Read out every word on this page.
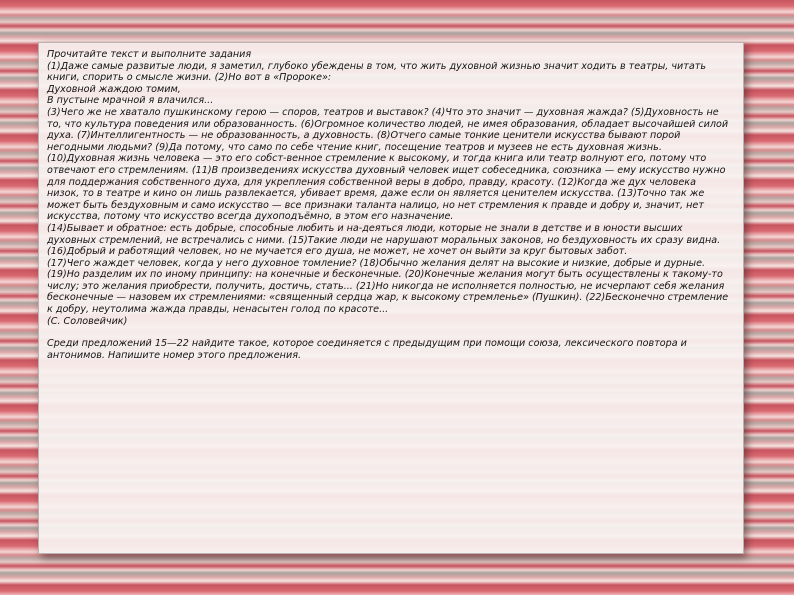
Прочитайте текст и выполните задания

(1)Даже самые развитые люди, я заметил, глубоко убеждены в том, что жить духовной жизнью значит ходить в театры, читать книги, спорить о смысле жизни. (2)Но вот в «Пророке»:

Духовной жаждою томим,

В пустыне мрачной я влачился...

(3)Чего же не хватало пушкинскому герою — споров, театров и выставок? (4)Что это значит — духовная жажда? (5)Духовность не то, что культура поведения или образованность. (6)Огромное количество людей, не имея образования, обладает высочайшей силой духа. (7)Интеллигентность — не образованность, а духовность. (8)Отчего самые тонкие ценители искусства бывают порой негодными людьми? (9)Да потому, что само по себе чтение книг, посещение театров и музеев не есть духовная жизнь. (10)Духовная жизнь человека — это его собст-венное стремление к высокому, и тогда книга или театр волнуют его, потому что отвечают его стремлениям. (11)В произведениях искусства духовный человек ищет собеседника, союзника — ему искусство нужно для поддержания собственного духа, для укрепления собственной веры в добро, правду, красоту. (12)Когда же дух человека низок, то в театре и кино он лишь развлекается, убивает время, даже если он является ценителем искусства. (13)Точно так же может быть бездуховным и само искусство — все признаки таланта налицо, но нет стремления к правде и добру и, значит, нет искусства, потому что искусство всегда духоподъёмно, в этом его назначение.

(14)Бывает и обратное: есть добрые, способные любить и на-деяться люди, которые не знали в детстве и в юности высших духовных стремлений, не встречались с ними. (15)Такие люди не нарушают моральных законов, но бездуховность их сразу видна. (16)Добрый и работящий человек, но не мучается его душа, не может, не хочет он выйти за круг бытовых забот.

(17)Чего жаждет человек, когда у него духовное томление? (18)Обычно желания делят на высокие и низкие, добрые и дурные. (19)Но разделим их по иному принципу: на конечные и бесконечные. (20)Конечные желания могут быть осуществлены к такому-то числу; это желания приобрести, получить, достичь, стать... (21)Но никогда не исполняется полностью, не исчерпают себя желания бесконечные — назовем их стремлениями: «священный сердца жар, к высокому стремленье» (Пушкин). (22)Бесконечно стремление к добру, неутолима жажда правды, ненасытен голод по красоте...

(С. Соловейчик)

Среди предложений 15—22 найдите такое, которое соединяется с предыдущим при помощи союза, лексического повтора и антонимов. Напишите номер этого предложения.
